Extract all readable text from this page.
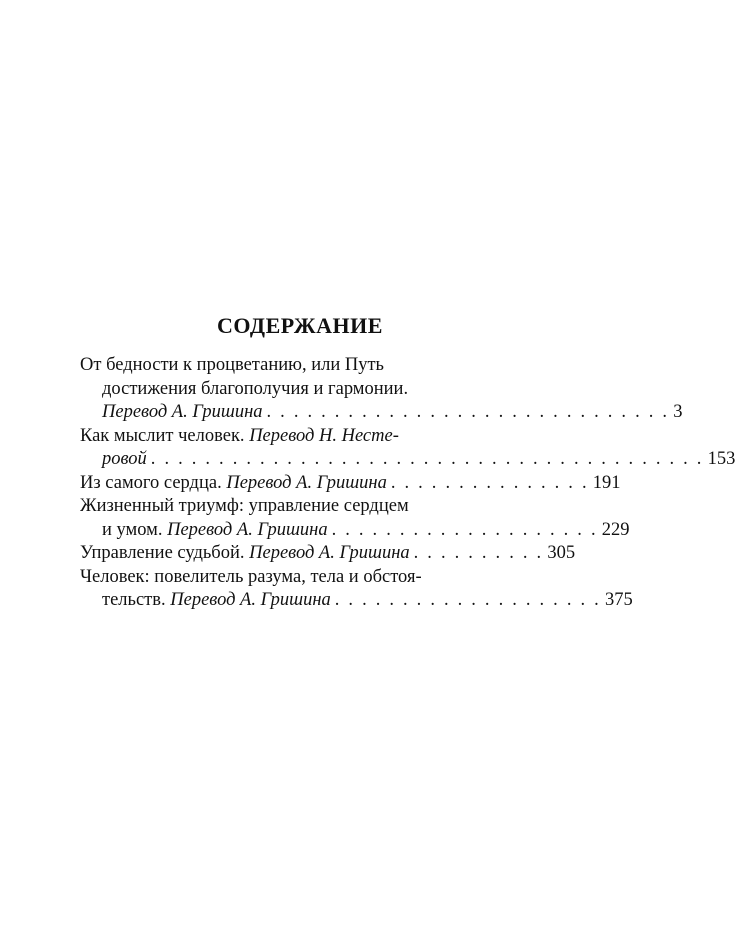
СОДЕРЖАНИЕ
От бедности к процветанию, или Путь
достижения благополучия и гармонии.
Перевод А. Гришина . . . . . . . . . . . . . . . . . . . . . . . . . . . . . . 3
Как мыслит человек. Перевод Н. Несте-
ровой . . . . . . . . . . . . . . . . . . . . . . . . . . . . . . . . . . . . . . . . . 153
Из самого сердца. Перевод А. Гришина . . . . . . . . . . . . . . . 191
Жизненный триумф: управление сердцем
и умом. Перевод А. Гришина . . . . . . . . . . . . . . . . . . . . 229
Управление судьбой. Перевод А. Гришина . . . . . . . . . . 305
Человек: повелитель разума, тела и обстоя-
тельств. Перевод А. Гришина . . . . . . . . . . . . . . . . . . . . 375
